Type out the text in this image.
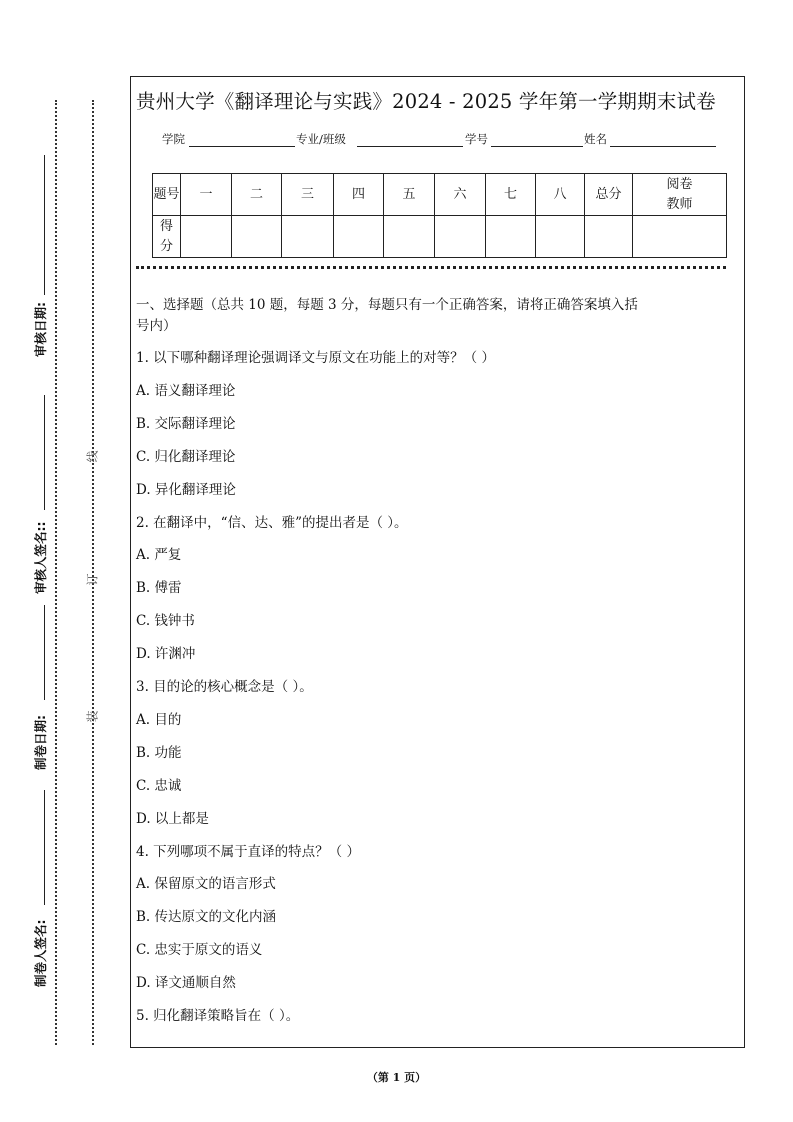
审核日期:
审核人签名::
制卷日期:
制卷人签名:
线
订
装
贵州大学《翻译理论与实践》2024 - 2025 学年第一学期期末试卷
学院	专业/班级	学号	姓名
题号	一	二	三	四	五	六	七	八	总分	阅卷教师
得分										
一、选择题（总共 10 题，每题 3 分，每题只有一个正确答案，请将正确答案填入括
号内）
1. 以下哪种翻译理论强调译文与原文在功能上的对等？（ ）
A. 语义翻译理论
B. 交际翻译理论
C. 归化翻译理论
D. 异化翻译理论
2. 在翻译中，“信、达、雅”的提出者是（ ）。
A. 严复
B. 傅雷
C. 钱钟书
D. 许渊冲
3. 目的论的核心概念是（ ）。
A. 目的
B. 功能
C. 忠诚
D. 以上都是
4. 下列哪项不属于直译的特点？（ ）
A. 保留原文的语言形式
B. 传达原文的文化内涵
C. 忠实于原文的语义
D. 译文通顺自然
5. 归化翻译策略旨在（ ）。
（第 1 页）
